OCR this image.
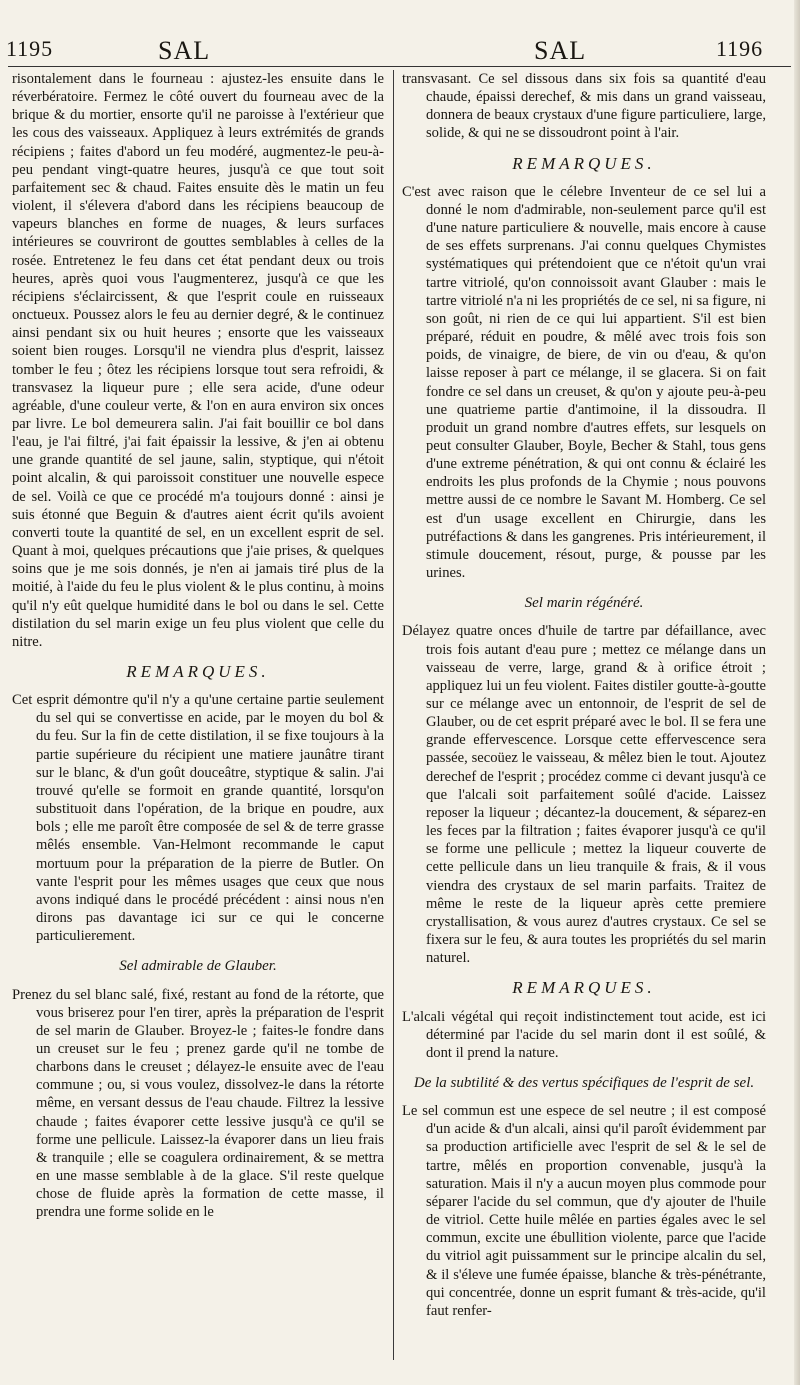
1195	SAL	SAL	1196

risontalement dans le fourneau : ajustez-les ensuite dans le réverbératoire. Fermez le côté ouvert du fourneau avec de la brique & du mortier, ensorte qu'il ne paroisse à l'extérieur que les cous des vaisseaux. Appliquez à leurs extrémités de grands récipiens ; faites d'abord un feu modéré, augmentez-le peu-à-peu pendant vingt-quatre heures, jusqu'à ce que tout soit parfaitement sec & chaud. Faites ensuite dès le matin un feu violent, il s'élevera d'abord dans les récipiens beaucoup de vapeurs blanches en forme de nuages, & leurs surfaces intérieures se couvriront de gouttes semblables à celles de la rosée. Entretenez le feu dans cet état pendant deux ou trois heures, après quoi vous l'augmenterez, jusqu'à ce que les récipiens s'éclaircissent, & que l'esprit coule en ruisseaux onctueux. Poussez alors le feu au dernier degré, & le continuez ainsi pendant six ou huit heures ; ensorte que les vaisseaux soient bien rouges. Lorsqu'il ne viendra plus d'esprit, laissez tomber le feu ; ôtez les récipiens lorsque tout sera refroidi, & transvasez la liqueur pure ; elle sera acide, d'une odeur agréable, d'une couleur verte, & l'on en aura environ six onces par livre. Le bol demeurera salin. J'ai fait bouillir ce bol dans l'eau, je l'ai filtré, j'ai fait épaissir la lessive, & j'en ai obtenu une grande quantité de sel jaune, salin, styptique, qui n'étoit point alcalin, & qui paroissoit constituer une nouvelle espece de sel. Voilà ce que ce procédé m'a toujours donné : ainsi je suis étonné que Beguin & d'autres aient écrit qu'ils avoient converti toute la quantité de sel, en un excellent esprit de sel. Quant à moi, quelques précautions que j'aie prises, & quelques soins que je me sois donnés, je n'en ai jamais tiré plus de la moitié, à l'aide du feu le plus violent & le plus continu, à moins qu'il n'y eût quelque humidité dans le bol ou dans le sel. Cette distilation du sel marin exige un feu plus violent que celle du nitre.

REMARQUES.

Cet esprit démontre qu'il n'y a qu'une certaine partie seulement du sel qui se convertisse en acide, par le moyen du bol & du feu. Sur la fin de cette distilation, il se fixe toujours à la partie supérieure du récipient une matiere jaunâtre tirant sur le blanc, & d'un goût douceâtre, styptique & salin. J'ai trouvé qu'elle se formoit en grande quantité, lorsqu'on substituoit dans l'opération, de la brique en poudre, aux bols ; elle me paroît être composée de sel & de terre grasse mêlés ensemble. Van-Helmont recommande le caput mortuum pour la préparation de la pierre de Butler. On vante l'esprit pour les mêmes usages que ceux que nous avons indiqué dans le procédé précédent : ainsi nous n'en dirons pas davantage ici sur ce qui le concerne particulierement.

Sel admirable de Glauber.

Prenez du sel blanc salé, fixé, restant au fond de la rétorte, que vous briserez pour l'en tirer, après la préparation de l'esprit de sel marin de Glauber. Broyez-le ; faites-le fondre dans un creuset sur le feu ; prenez garde qu'il ne tombe de charbons dans le creuset ; délayez-le ensuite avec de l'eau commune ; ou, si vous voulez, dissolvez-le dans la rétorte même, en versant dessus de l'eau chaude. Filtrez la lessive chaude ; faites évaporer cette lessive jusqu'à ce qu'il se forme une pellicule. Laissez-la évaporer dans un lieu frais & tranquile ; elle se coagulera ordinairement, & se mettra en une masse semblable à de la glace. S'il reste quelque chose de fluide après la formation de cette masse, il prendra une forme solide en le

transvasant. Ce sel dissous dans six fois sa quantité d'eau chaude, épaissi derechef, & mis dans un grand vaisseau, donnera de beaux crystaux d'une figure particuliere, large, solide, & qui ne se dissoudront point à l'air.

REMARQUES.

C'est avec raison que le célebre Inventeur de ce sel lui a donné le nom d'admirable, non-seulement parce qu'il est d'une nature particuliere & nouvelle, mais encore à cause de ses effets surprenans. J'ai connu quelques Chymistes systématiques qui prétendoient que ce n'étoit qu'un vrai tartre vitriolé, qu'on connoissoit avant Glauber : mais le tartre vitriolé n'a ni les propriétés de ce sel, ni sa figure, ni son goût, ni rien de ce qui lui appartient. S'il est bien préparé, réduit en poudre, & mêlé avec trois fois son poids, de vinaigre, de biere, de vin ou d'eau, & qu'on laisse reposer à part ce mélange, il se glacera. Si on fait fondre ce sel dans un creuset, & qu'on y ajoute peu-à-peu une quatrieme partie d'antimoine, il la dissoudra. Il produit un grand nombre d'autres effets, sur lesquels on peut consulter Glauber, Boyle, Becher & Stahl, tous gens d'une extreme pénétration, & qui ont connu & éclairé les endroits les plus profonds de la Chymie ; nous pouvons mettre aussi de ce nombre le Savant M. Homberg. Ce sel est d'un usage excellent en Chirurgie, dans les putréfactions & dans les gangrenes. Pris intérieurement, il stimule doucement, résout, purge, & pousse par les urines.

Sel marin régénéré.

Délayez quatre onces d'huile de tartre par défaillance, avec trois fois autant d'eau pure ; mettez ce mélange dans un vaisseau de verre, large, grand & à orifice étroit ; appliquez lui un feu violent. Faites distiler goutte-à-goutte sur ce mélange avec un entonnoir, de l'esprit de sel de Glauber, ou de cet esprit préparé avec le bol. Il se fera une grande effervescence. Lorsque cette effervescence sera passée, secoüez le vaisseau, & mêlez bien le tout. Ajoutez derechef de l'esprit ; procédez comme ci devant jusqu'à ce que l'alcali soit parfaitement soûlé d'acide. Laissez reposer la liqueur ; décantez-la doucement, & séparez-en les feces par la filtration ; faites évaporer jusqu'à ce qu'il se forme une pellicule ; mettez la liqueur couverte de cette pellicule dans un lieu tranquile & frais, & il vous viendra des crystaux de sel marin parfaits. Traitez de même le reste de la liqueur après cette premiere crystallisation, & vous aurez d'autres crystaux. Ce sel se fixera sur le feu, & aura toutes les propriétés du sel marin naturel.

REMARQUES.

L'alcali végétal qui reçoit indistinctement tout acide, est ici déterminé par l'acide du sel marin dont il est soûlé, & dont il prend la nature.

De la subtilité & des vertus spécifiques de l'esprit de sel.

Le sel commun est une espece de sel neutre ; il est composé d'un acide & d'un alcali, ainsi qu'il paroît évidemment par sa production artificielle avec l'esprit de sel & le sel de tartre, mêlés en proportion convenable, jusqu'à la saturation. Mais il n'y a aucun moyen plus commode pour séparer l'acide du sel commun, que d'y ajouter de l'huile de vitriol. Cette huile mêlée en parties égales avec le sel commun, excite une ébullition violente, parce que l'acide du vitriol agit puissamment sur le principe alcalin du sel, & il s'éleve une fumée épaisse, blanche & très-pénétrante, qui concentrée, donne un esprit fumant & très-acide, qu'il faut renfer-
